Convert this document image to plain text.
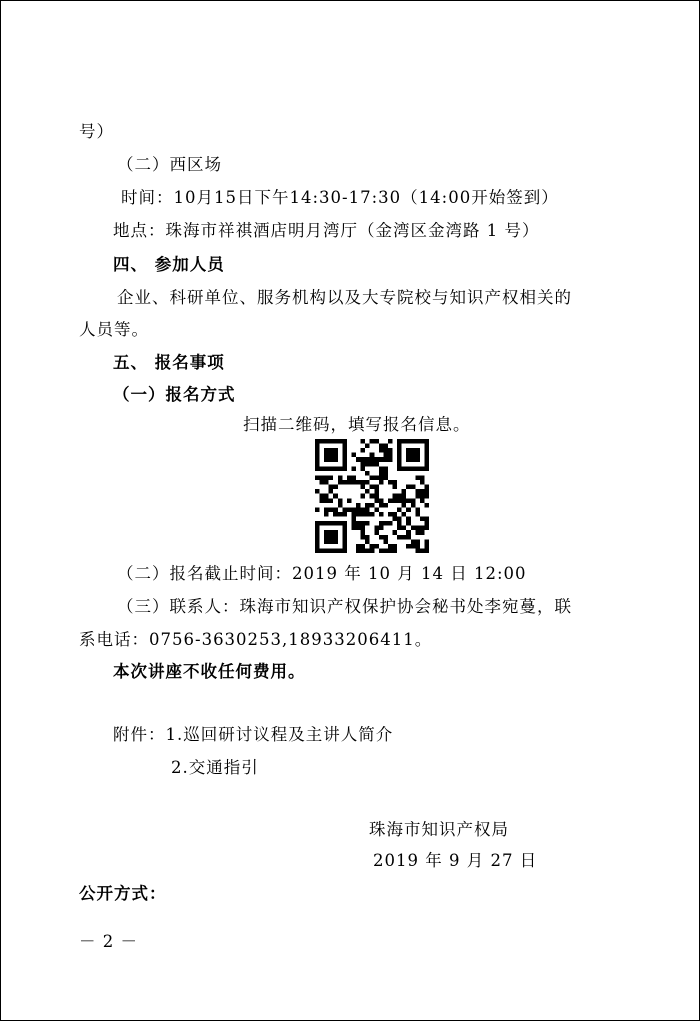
号）
（二）西区场
时间：10月15日下午14:30-17:30（14:00开始签到）
地点：珠海市祥祺酒店明月湾厅（金湾区金湾路 1 号）
四、 参加人员
企业、科研单位、服务机构以及大专院校与知识产权相关的
人员等。
五、 报名事项
（一）报名方式
扫描二维码，填写报名信息。
（二）报名截止时间：2019 年 10 月 14 日 12:00
（三）联系人：珠海市知识产权保护协会秘书处李宛蔓，联
系电话：0756-3630253,18933206411。
本次讲座不收任何费用。
附件：1.巡回研讨议程及主讲人简介
2.交通指引
珠海市知识产权局
2019 年 9 月 27 日
公开方式：
－ 2 －
